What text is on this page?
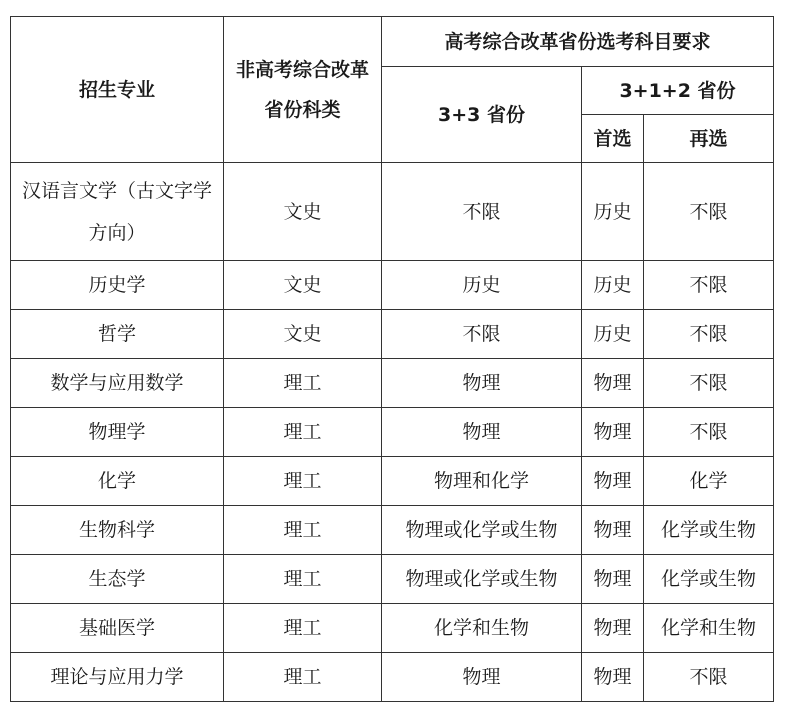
招生专业	非高考综合改革省份科类	高考综合改革省份选考科目要求		
		3+3 省份	3+1+2 省份	
			首选	再选
汉语言文学（古文字学方向）	文史	不限	历史	不限
历史学	文史	历史	历史	不限
哲学	文史	不限	历史	不限
数学与应用数学	理工	物理	物理	不限
物理学	理工	物理	物理	不限
化学	理工	物理和化学	物理	化学
生物科学	理工	物理或化学或生物	物理	化学或生物
生态学	理工	物理或化学或生物	物理	化学或生物
基础医学	理工	化学和生物	物理	化学和生物
理论与应用力学	理工	物理	物理	不限
